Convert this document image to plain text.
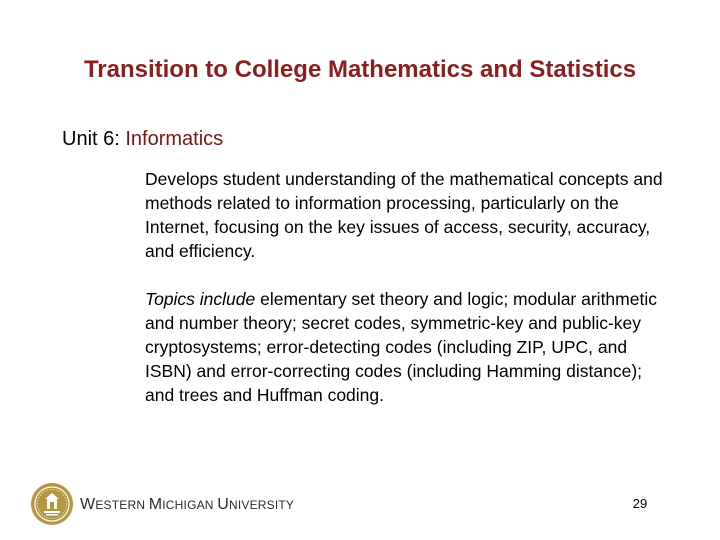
Transition to College Mathematics and Statistics
Unit 6: Informatics

Develops student understanding of the mathematical concepts and methods related to information processing, particularly on the Internet, focusing on the key issues of access, security, accuracy, and efficiency.

Topics include elementary set theory and logic; modular arithmetic and number theory; secret codes, symmetric-key and public-key cryptosystems; error-detecting codes (including ZIP, UPC, and ISBN) and error-correcting codes (including Hamming distance); and trees and Huffman coding.

WESTERN MICHIGAN UNIVERSITY	29
